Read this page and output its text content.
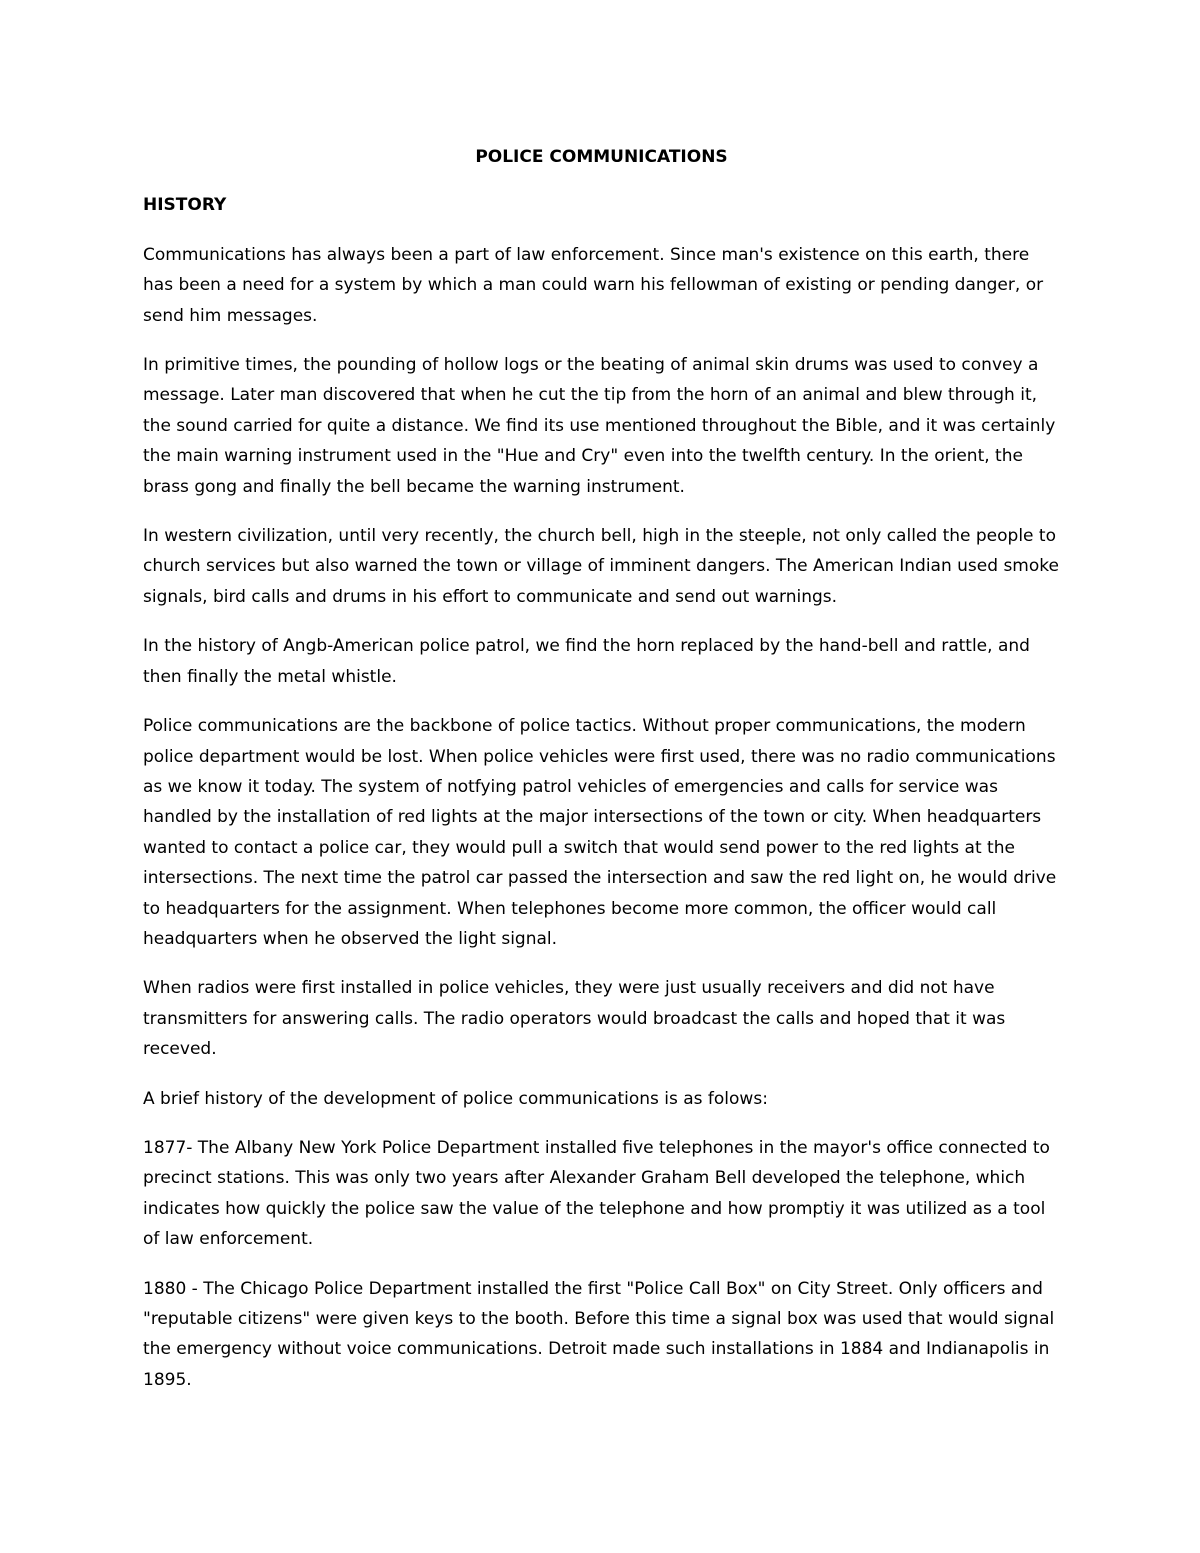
POLICE COMMUNICATIONS

HISTORY

Communications has always been a part of law enforcement. Since man's existence on this earth, there has been a need for a system by which a man could warn his fellowman of existing or pending danger, or send him messages.

In primitive times, the pounding of hollow logs or the beating of animal skin drums was used to convey a message. Later man discovered that when he cut the tip from the horn of an animal and blew through it, the sound carried for quite a distance. We find its use mentioned throughout the Bible, and it was certainly the main warning instrument used in the "Hue and Cry" even into the twelfth century. In the orient, the brass gong and finally the bell became the warning instrument.

In western civilization, until very recently, the church bell, high in the steeple, not only called the people to church services but also warned the town or village of imminent dangers. The American Indian used smoke signals, bird calls and drums in his effort to communicate and send out warnings.

In the history of Angb-American police patrol, we find the horn replaced by the hand-bell and rattle, and then finally the metal whistle.

Police communications are the backbone of police tactics. Without proper communications, the modern police department would be lost. When police vehicles were first used, there was no radio communications as we know it today. The system of notfying patrol vehicles of emergencies and calls for service was handled by the installation of red lights at the major intersections of the town or city. When headquarters wanted to contact a police car, they would pull a switch that would send power to the red lights at the intersections. The next time the patrol car passed the intersection and saw the red light on, he would drive to headquarters for the assignment. When telephones become more common, the officer would call headquarters when he observed the light signal.

When radios were first installed in police vehicles, they were just usually receivers and did not have transmitters for answering calls. The radio operators would broadcast the calls and hoped that it was receved.

A brief history of the development of police communications is as folows:

1877- The Albany New York Police Department installed five telephones in the mayor's office connected to precinct stations. This was only two years after Alexander Graham Bell developed the telephone, which indicates how quickly the police saw the value of the telephone and how promptiy it was utilized as a tool of law enforcement.

1880 - The Chicago Police Department installed the first "Police Call Box" on City Street. Only officers and "reputable citizens" were given keys to the booth. Before this time a signal box was used that would signal the emergency without voice communications. Detroit made such installations in 1884 and Indianapolis in 1895.
